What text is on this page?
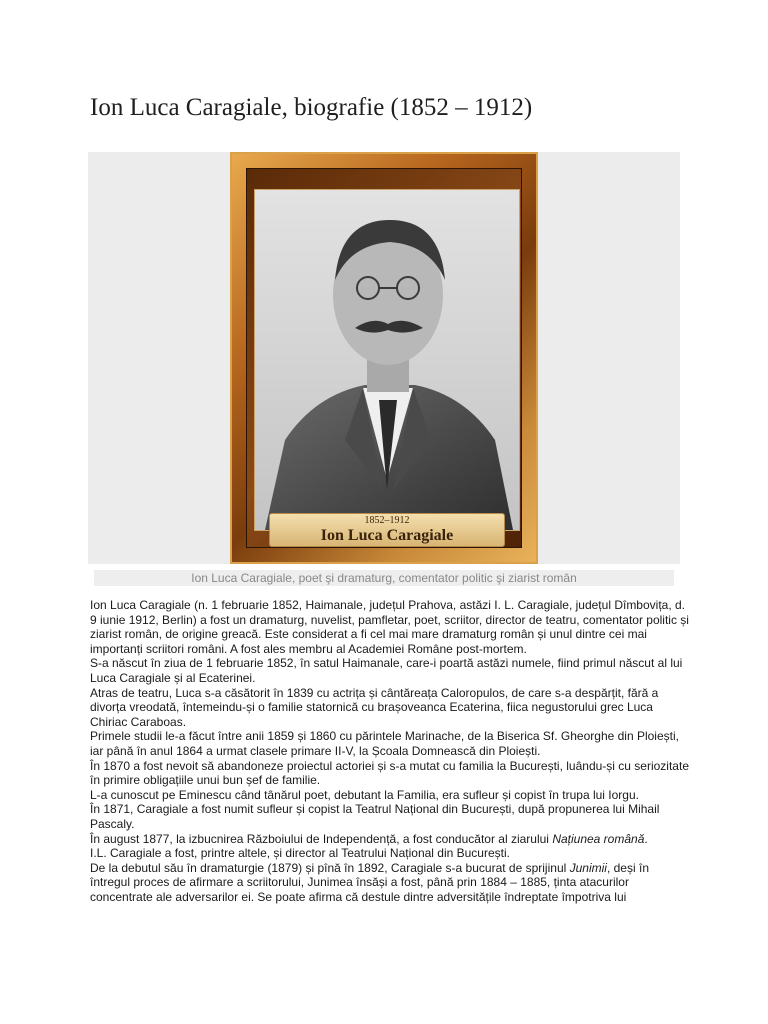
Ion Luca Caragiale, biografie (1852 – 1912)
1852–1912
Ion Luca Caragiale
Ion Luca Caragiale, poet şi dramaturg, comentator politic şi ziarist român

Ion Luca Caragiale (n. 1 februarie 1852, Haimanale, județul Prahova, astăzi I. L. Caragiale, județul Dîmbovița, d. 9 iunie 1912, Berlin) a fost un dramaturg, nuvelist, pamfletar, poet, scriitor, director de teatru, comentator politic și ziarist român, de origine greacă. Este considerat a fi cel mai mare dramaturg român și unul dintre cei mai importanți scriitori români. A fost ales membru al Academiei Române post-mortem.

S-a născut în ziua de 1 februarie 1852, în satul Haimanale, care-i poartă astăzi numele, fiind primul născut al lui Luca Caragiale și al Ecaterinei.

Atras de teatru, Luca s-a căsătorit în 1839 cu actrița și cântăreața Caloropulos, de care s-a despărțit, fără a divorța vreodată, întemeindu-și o familie statornică cu brașoveanca Ecaterina, fiica negustorului grec Luca Chiriac Caraboas.

Primele studii le-a făcut între anii 1859 și 1860 cu părintele Marinache, de la Biserica Sf. Gheorghe din Ploiești, iar până în anul 1864 a urmat clasele primare II-V, la Școala Domnească din Ploiești.

În 1870 a fost nevoit să abandoneze proiectul actoriei și s-a mutat cu familia la București, luându-și cu seriozitate în primire obligațiile unui bun șef de familie.

L-a cunoscut pe Eminescu când tânărul poet, debutant la Familia, era sufleur și copist în trupa lui Iorgu.

În 1871, Caragiale a fost numit sufleur și copist la Teatrul Național din București, după propunerea lui Mihail Pascaly.

În august 1877, la izbucnirea Războiului de Independență, a fost conducător al ziarului Națiunea română.

I.L. Caragiale a fost, printre altele, și director al Teatrului Național din București.

De la debutul său în dramaturgie (1879) și pînă în 1892, Caragiale s-a bucurat de sprijinul Junimii, deși în întregul proces de afirmare a scriitorului, Junimea însăși a fost, până prin 1884 – 1885, ținta atacurilor concentrate ale adversarilor ei. Se poate afirma că destule dintre adversitățile îndreptate împotriva lui
